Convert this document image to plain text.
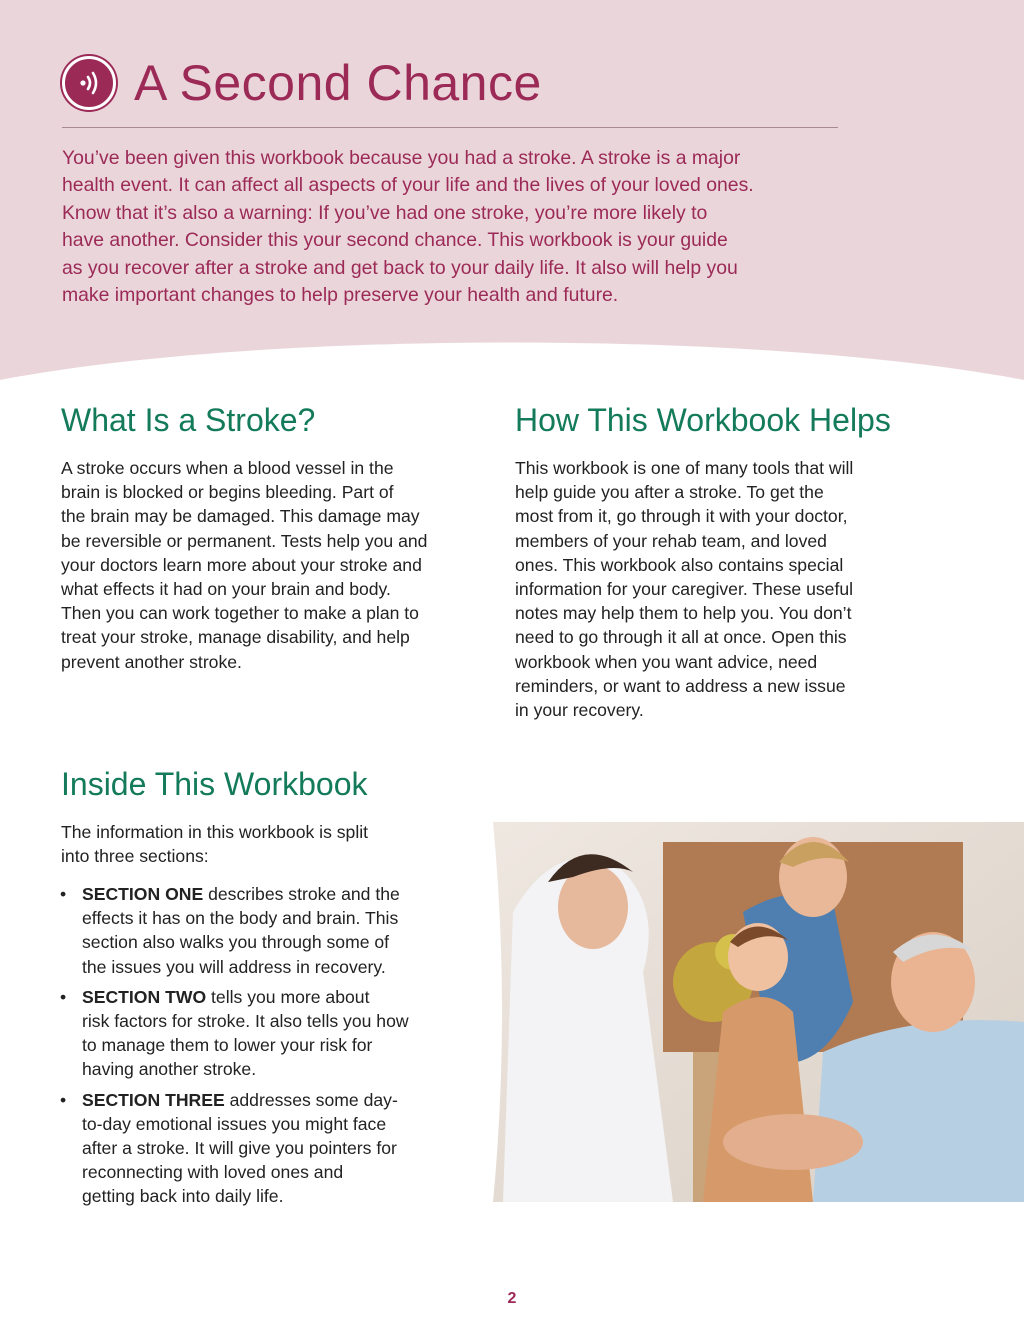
A Second Chance

You’ve been given this workbook because you had a stroke. A stroke is a major
health event. It can affect all aspects of your life and the lives of your loved ones.
Know that it’s also a warning: If you’ve had one stroke, you’re more likely to
have another. Consider this your second chance. This workbook is your guide
as you recover after a stroke and get back to your daily life. It also will help you
make important changes to help preserve your health and future.

What Is a Stroke?

A stroke occurs when a blood vessel in the
brain is blocked or begins bleeding. Part of
the brain may be damaged. This damage may
be reversible or permanent. Tests help you and
your doctors learn more about your stroke and
what effects it had on your brain and body.
Then you can work together to make a plan to
treat your stroke, manage disability, and help
prevent another stroke.

How This Workbook Helps

This workbook is one of many tools that will
help guide you after a stroke. To get the
most from it, go through it with your doctor,
members of your rehab team, and loved
ones. This workbook also contains special
information for your caregiver. These useful
notes may help them to help you. You don’t
need to go through it all at once. Open this
workbook when you want advice, need
reminders, or want to address a new issue
in your recovery.

Inside This Workbook

The information in this workbook is split
into three sections:

• SECTION ONE describes stroke and the
effects it has on the body and brain. This
section also walks you through some of
the issues you will address in recovery.
• SECTION TWO tells you more about
risk factors for stroke. It also tells you how
to manage them to lower your risk for
having another stroke.
• SECTION THREE addresses some day-
to-day emotional issues you might face
after a stroke. It will give you pointers for
reconnecting with loved ones and
getting back into daily life.
2
